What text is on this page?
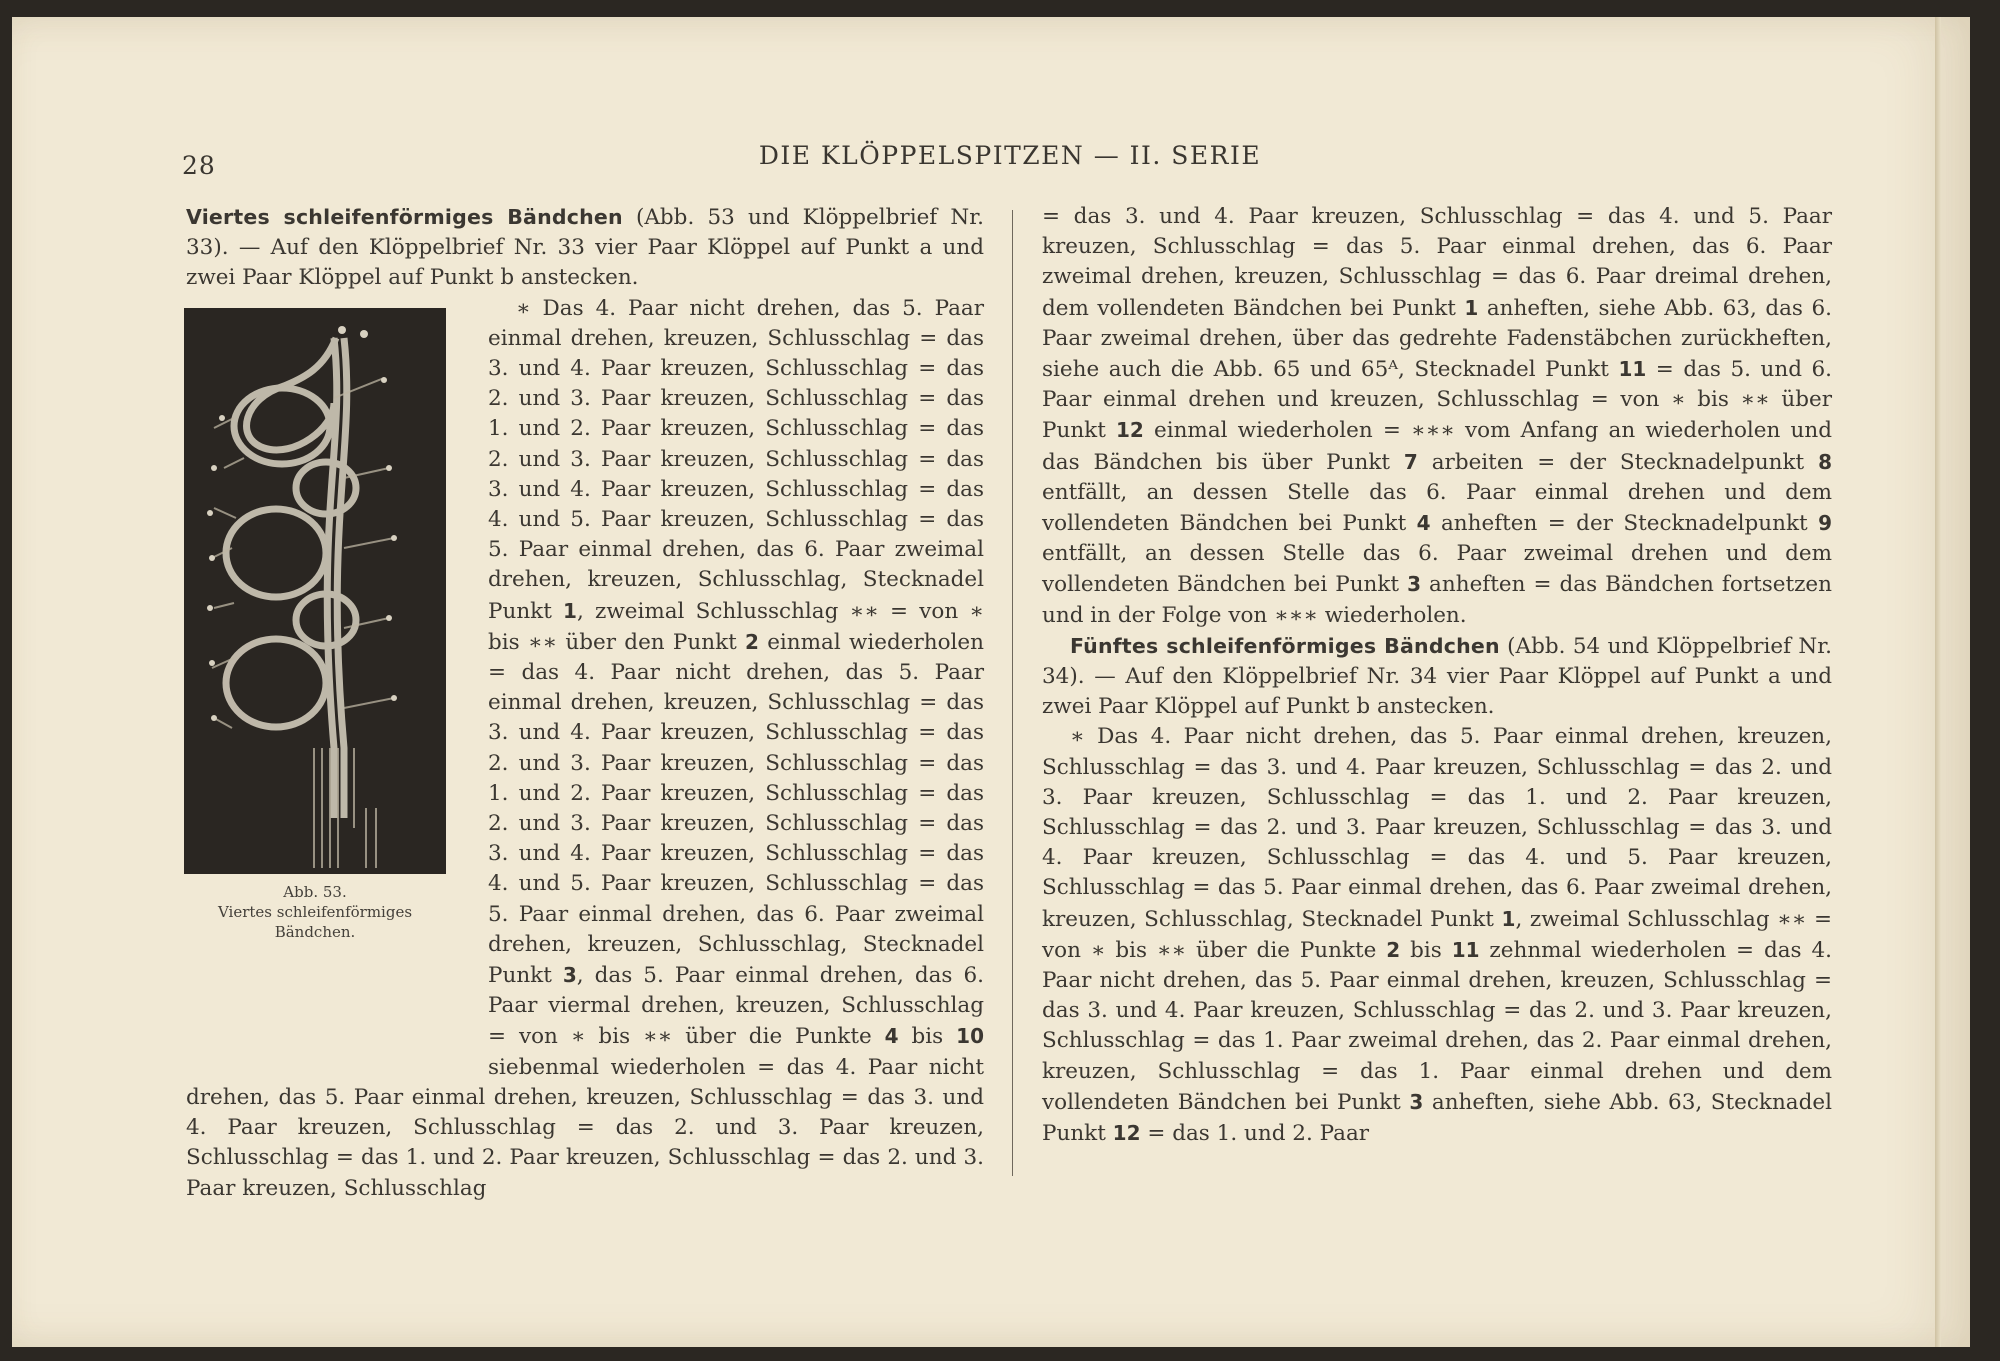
28	DIE KLÖPPELSPITZEN — II. SERIE

Viertes schleifenförmiges Bändchen (Abb. 53 und Klöppelbrief Nr. 33). — Auf den Klöppelbrief Nr. 33 vier Paar Klöppel auf Punkt a und zwei Paar Klöppel auf Punkt b anstecken.

Abb. 53.
Viertes schleifenförmiges
Bändchen.

∗ Das 4. Paar nicht drehen, das 5. Paar einmal drehen, kreuzen, Schlusschlag = das 3. und 4. Paar kreuzen, Schlusschlag = das 2. und 3. Paar kreuzen, Schlusschlag = das 1. und 2. Paar kreuzen, Schlusschlag = das 2. und 3. Paar kreuzen, Schlusschlag = das 3. und 4. Paar kreuzen, Schlusschlag = das 4. und 5. Paar kreuzen, Schlusschlag = das 5. Paar einmal drehen, das 6. Paar zweimal drehen, kreuzen, Schlusschlag, Stecknadel Punkt 1, zweimal Schlusschlag ∗∗ = von ∗ bis ∗∗ über den Punkt 2 einmal wiederholen = das 4. Paar nicht drehen, das 5. Paar einmal drehen, kreuzen, Schlusschlag = das 3. und 4. Paar kreuzen, Schlusschlag = das 2. und 3. Paar kreuzen, Schlusschlag = das 1. und 2. Paar kreuzen, Schlusschlag = das 2. und 3. Paar kreuzen, Schlusschlag = das 3. und 4. Paar kreuzen, Schlusschlag = das 4. und 5. Paar kreuzen, Schlusschlag = das 5. Paar einmal drehen, das 6. Paar zweimal drehen, kreuzen, Schlusschlag, Stecknadel Punkt 3, das 5. Paar einmal drehen, das 6. Paar viermal drehen, kreuzen, Schlusschlag = von ∗ bis ∗∗ über die Punkte 4 bis 10 siebenmal wiederholen = das 4. Paar nicht drehen, das 5. Paar einmal drehen, kreuzen, Schlusschlag = das 3. und 4. Paar kreuzen, Schlusschlag = das 2. und 3. Paar kreuzen, Schlusschlag = das 1. und 2. Paar kreuzen, Schlusschlag = das 2. und 3. Paar kreuzen, Schlusschlag

= das 3. und 4. Paar kreuzen, Schlusschlag = das 4. und 5. Paar kreuzen, Schlusschlag = das 5. Paar einmal drehen, das 6. Paar zweimal drehen, kreuzen, Schlusschlag = das 6. Paar dreimal drehen, dem vollendeten Bändchen bei Punkt 1 anheften, siehe Abb. 63, das 6. Paar zweimal drehen, über das gedrehte Fadenstäbchen zurückheften, siehe auch die Abb. 65 und 65ᴬ, Stecknadel Punkt 11 = das 5. und 6. Paar einmal drehen und kreuzen, Schlusschlag = von ∗ bis ∗∗ über Punkt 12 einmal wiederholen = ∗∗∗ vom Anfang an wiederholen und das Bändchen bis über Punkt 7 arbeiten = der Stecknadelpunkt 8 entfällt, an dessen Stelle das 6. Paar einmal drehen und dem vollendeten Bändchen bei Punkt 4 anheften = der Stecknadelpunkt 9 entfällt, an dessen Stelle das 6. Paar zweimal drehen und dem vollendeten Bändchen bei Punkt 3 anheften = das Bändchen fortsetzen und in der Folge von ∗∗∗ wiederholen.

Fünftes schleifenförmiges Bändchen (Abb. 54 und Klöppelbrief Nr. 34). — Auf den Klöppelbrief Nr. 34 vier Paar Klöppel auf Punkt a und zwei Paar Klöppel auf Punkt b anstecken.

∗ Das 4. Paar nicht drehen, das 5. Paar einmal drehen, kreuzen, Schlusschlag = das 3. und 4. Paar kreuzen, Schlusschlag = das 2. und 3. Paar kreuzen, Schlusschlag = das 1. und 2. Paar kreuzen, Schlusschlag = das 2. und 3. Paar kreuzen, Schlusschlag = das 3. und 4. Paar kreuzen, Schlusschlag = das 4. und 5. Paar kreuzen, Schlusschlag = das 5. Paar einmal drehen, das 6. Paar zweimal drehen, kreuzen, Schlusschlag, Stecknadel Punkt 1, zweimal Schlusschlag ∗∗ = von ∗ bis ∗∗ über die Punkte 2 bis 11 zehnmal wiederholen = das 4. Paar nicht drehen, das 5. Paar einmal drehen, kreuzen, Schlusschlag = das 3. und 4. Paar kreuzen, Schlusschlag = das 2. und 3. Paar kreuzen, Schlusschlag = das 1. Paar zweimal drehen, das 2. Paar einmal drehen, kreuzen, Schlusschlag = das 1. Paar einmal drehen und dem vollendeten Bändchen bei Punkt 3 anheften, siehe Abb. 63, Stecknadel Punkt 12 = das 1. und 2. Paar
